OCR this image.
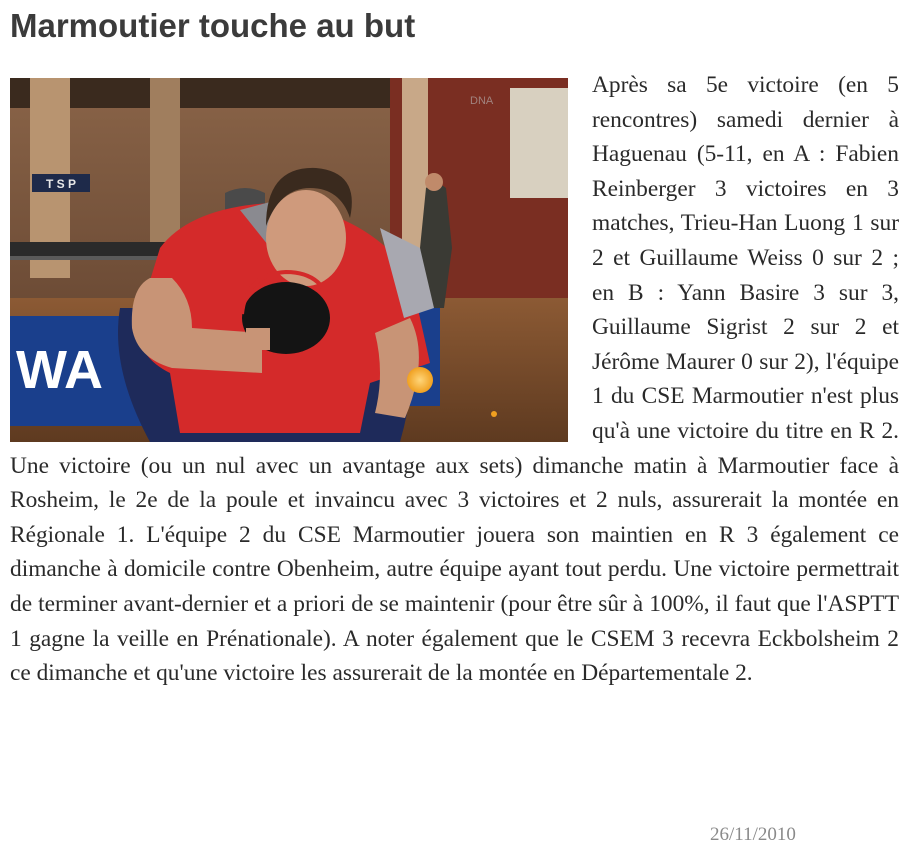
Marmoutier touche au but
T S P
WA
DNA
Après sa 5e victoire (en 5 rencontres) samedi dernier à Haguenau (5-11, en A : Fabien Reinberger 3 victoires en 3 matches, Trieu-Han Luong 1 sur 2 et Guillaume Weiss 0 sur 2 ; en B : Yann Basire 3 sur 3, Guillaume Sigrist 2 sur 2 et Jérôme Maurer 0 sur 2), l'équipe 1 du CSE Marmoutier n'est plus qu'à une victoire du titre en R 2. Une victoire (ou un nul avec un avantage aux sets) dimanche matin à Marmoutier face à Rosheim, le 2e de la poule et invaincu avec 3 victoires et 2 nuls, assurerait la montée en Régionale 1. L'équipe 2 du CSE Marmoutier jouera son maintien en R 3 également ce dimanche à domicile contre Obenheim, autre équipe ayant tout perdu. Une victoire permettrait de terminer avant-dernier et a priori de se maintenir (pour être sûr à 100%, il faut que l'ASPTT 1 gagne la veille en Prénationale). A noter également que le CSEM 3 recevra Eckbolsheim 2 ce dimanche et qu'une victoire les assurerait de la montée en Départementale 2.
26/11/2010
